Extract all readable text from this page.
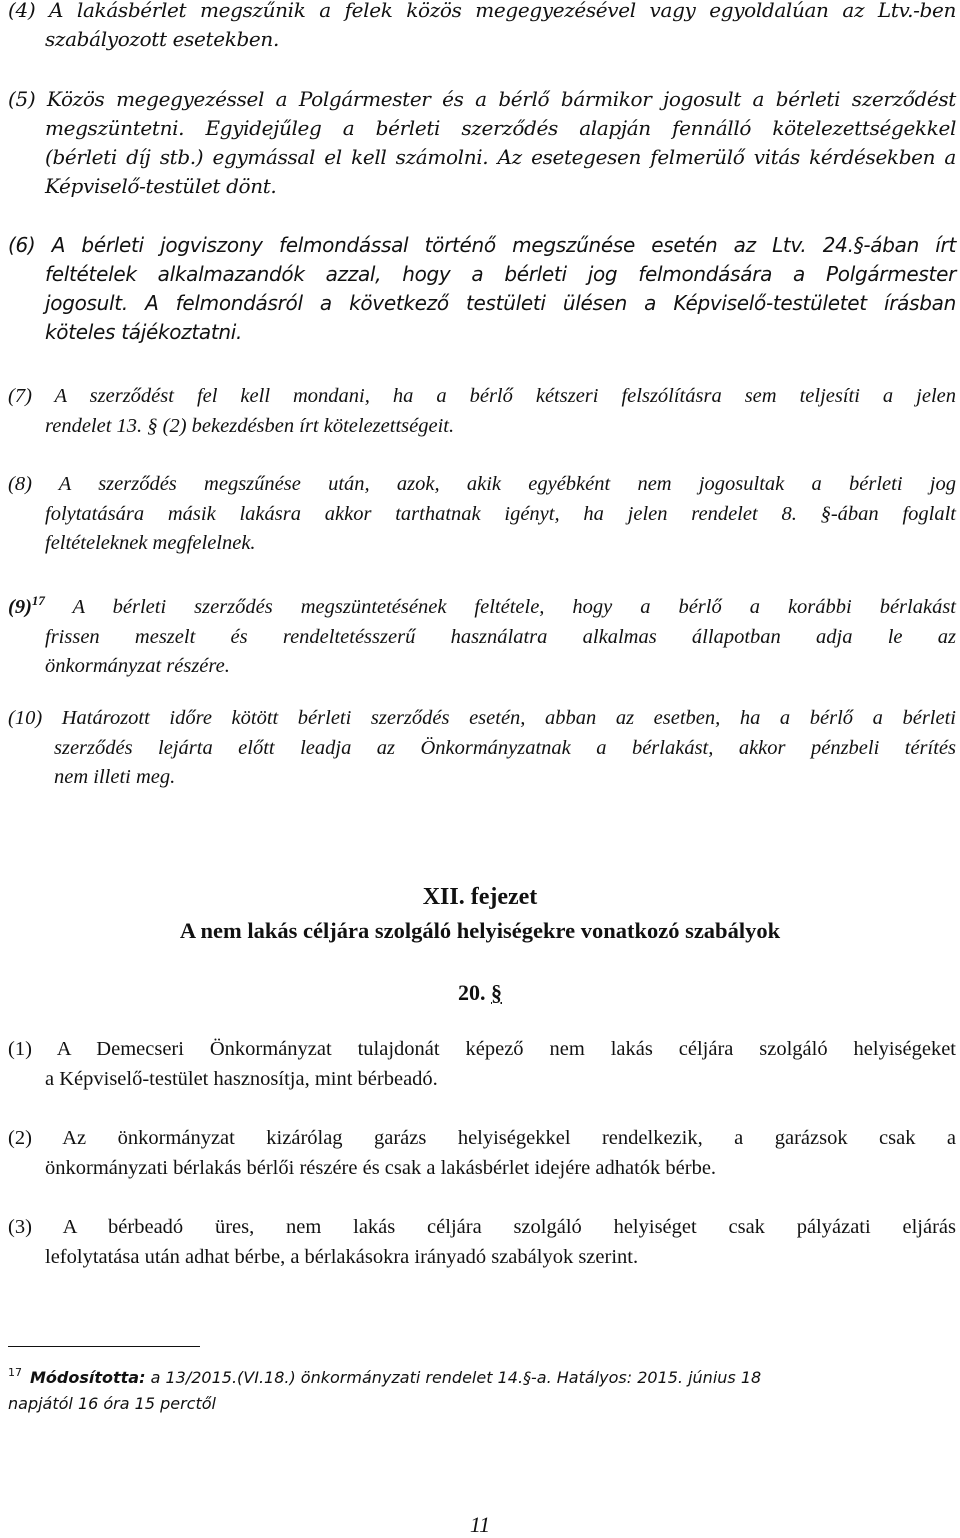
(4) A lakásbérlet megszűnik a felek közös megegyezésével vagy egyoldalúan az Ltv.-ben
szabályozott esetekben.
(5) Közös megegyezéssel a Polgármester és a bérlő bármikor jogosult a bérleti szerződést
megszüntetni. Egyidejűleg a bérleti szerződés alapján fennálló kötelezettségekkel
(bérleti díj stb.) egymással el kell számolni. Az esetegesen felmerülő vitás kérdésekben a
Képviselő-testület dönt.
(6) A bérleti jogviszony felmondással történő megszűnése esetén az Ltv. 24.§-ában írt
feltételek alkalmazandók azzal, hogy a bérleti jog felmondására a Polgármester
jogosult. A felmondásról a következő testületi ülésen a Képviselő-testületet írásban
köteles tájékoztatni.
(7) A szerződést fel kell mondani, ha a bérlő kétszeri felszólításra sem teljesíti a jelen
rendelet 13. § (2) bekezdésben írt kötelezettségeit.
(8) A szerződés megszűnése után, azok, akik egyébként nem jogosultak a bérleti jog
folytatására másik lakásra akkor tarthatnak igényt, ha jelen rendelet 8. §-ában foglalt
feltételeknek megfelelnek.
$(9)^{17}$ A bérleti szerződés megszüntetésének feltétele, hogy a bérlő a korábbi bérlakást
frissen meszelt és rendeltetésszerű használatra alkalmas állapotban adja le az
önkormányzat részére.
(10) Határozott időre kötött bérleti szerződés esetén, abban az esetben, ha a bérlő a bérleti
szerződés lejárta előtt leadja az Önkormányzatnak a bérlakást, akkor pénzbeli térítés
nem illeti meg.
XII. fejezet
A nem lakás céljára szolgáló helyiségekre vonatkozó szabályok
20. §
(1) A Demecseri Önkormányzat tulajdonát képező nem lakás céljára szolgáló helyiségeket
a Képviselő-testület hasznosítja, mint bérbeadó.
(2) Az önkormányzat kizárólag garázs helyiségekkel rendelkezik, a garázsok csak a
önkormányzati bérlakás bérlői részére és csak a lakásbérlet idejére adhatók bérbe.
(3) A bérbeadó üres, nem lakás céljára szolgáló helyiséget csak pályázati eljárás
lefolytatása után adhat bérbe, a bérlakásokra irányadó szabályok szerint.
$^{17}$ Módosította: a 13/2015.(VI.18.) önkormányzati rendelet 14.§-a. Hatályos: 2015. június 18
napjától 16 óra 15 perctől
11
